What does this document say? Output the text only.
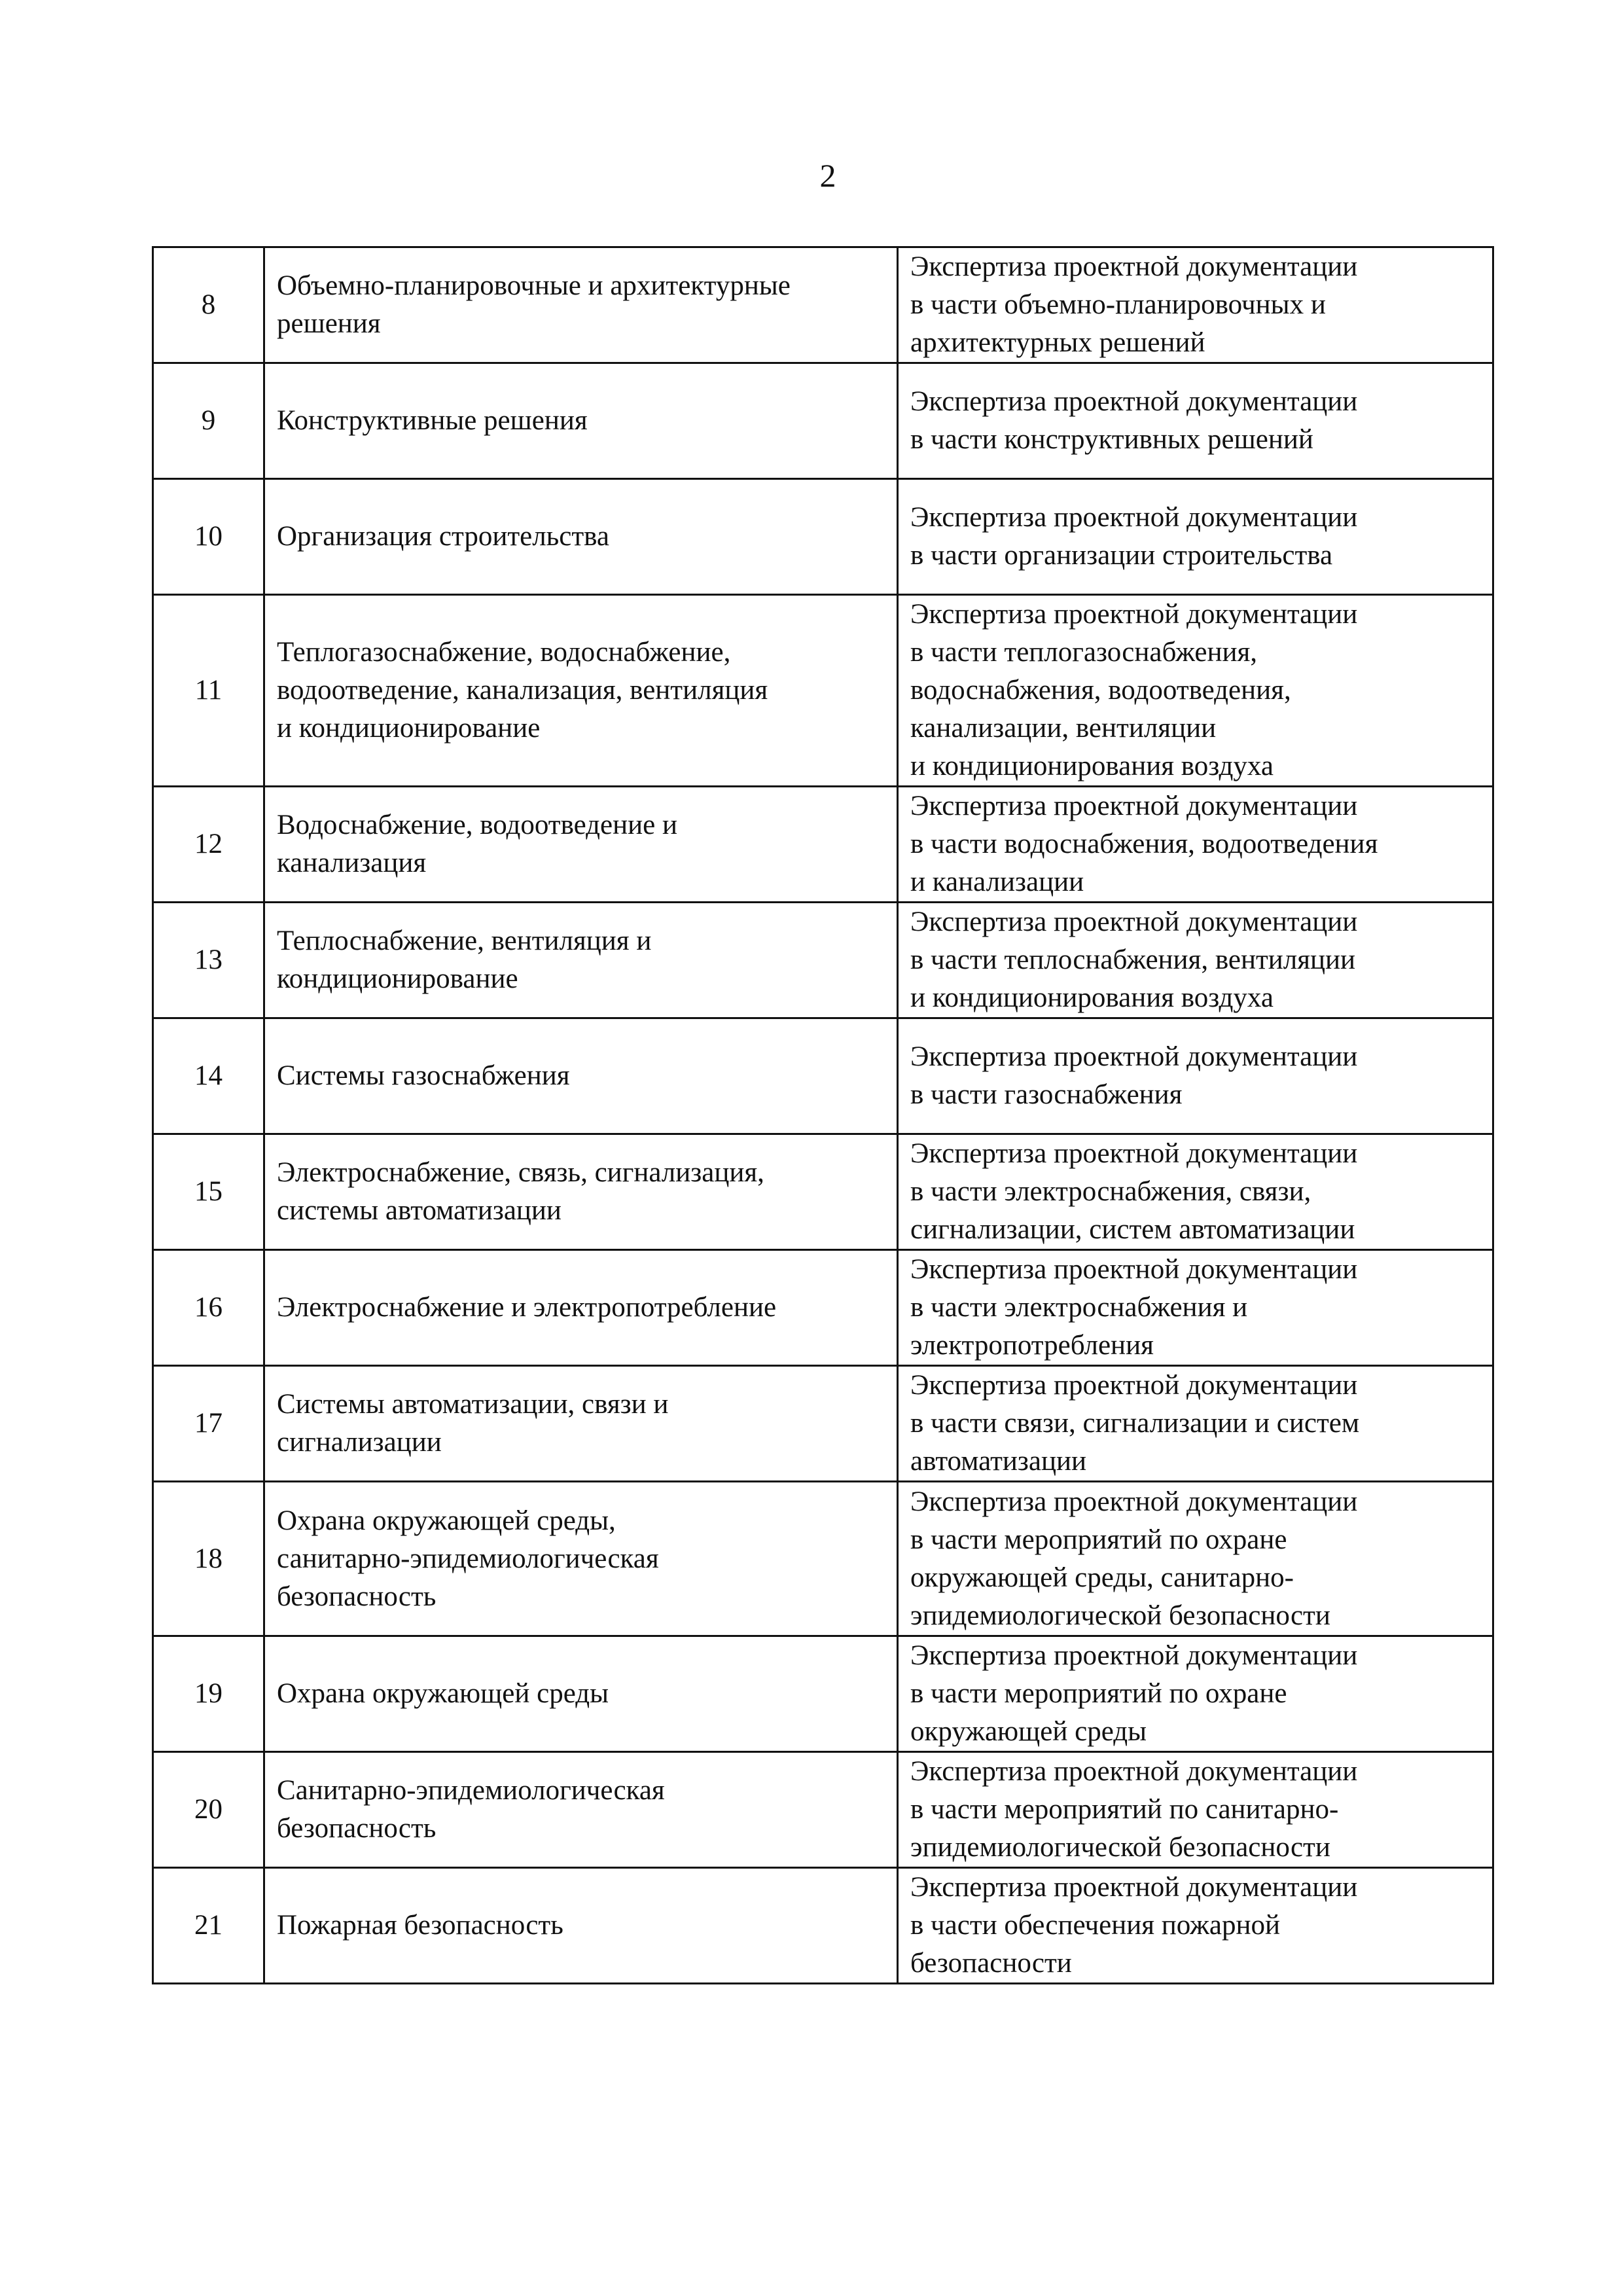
2
8	Объемно-планировочные и архитектурные
решения	Экспертиза проектной документации
в части объемно-планировочных и
архитектурных решений

9	Конструктивные решения	Экспертиза проектной документации
в части конструктивных решений

10	Организация строительства	Экспертиза проектной документации
в части организации строительства

11	Теплогазоснабжение, водоснабжение,
водоотведение, канализация, вентиляция
и кондиционирование	Экспертиза проектной документации
в части теплогазоснабжения,
водоснабжения, водоотведения,
канализации, вентиляции
и кондиционирования воздуха

12	Водоснабжение, водоотведение и
канализация	Экспертиза проектной документации
в части водоснабжения, водоотведения
и канализации

13	Теплоснабжение, вентиляция и
кондиционирование	Экспертиза проектной документации
в части теплоснабжения, вентиляции
и кондиционирования воздуха

14	Системы газоснабжения	Экспертиза проектной документации
в части газоснабжения

15	Электроснабжение, связь, сигнализация,
системы автоматизации	Экспертиза проектной документации
в части электроснабжения, связи,
сигнализации, систем автоматизации

16	Электроснабжение и электропотребление	Экспертиза проектной документации
в части электроснабжения и
электропотребления

17	Системы автоматизации, связи и
сигнализации	Экспертиза проектной документации
в части связи, сигнализации и систем
автоматизации

18	Охрана окружающей среды,
санитарно-эпидемиологическая
безопасность	Экспертиза проектной документации
в части мероприятий по охране
окружающей среды, санитарно-
эпидемиологической безопасности

19	Охрана окружающей среды	Экспертиза проектной документации
в части мероприятий по охране
окружающей среды

20	Санитарно-эпидемиологическая
безопасность	Экспертиза проектной документации
в части мероприятий по санитарно-
эпидемиологической безопасности

21	Пожарная безопасность	Экспертиза проектной документации
в части обеспечения пожарной
безопасности
